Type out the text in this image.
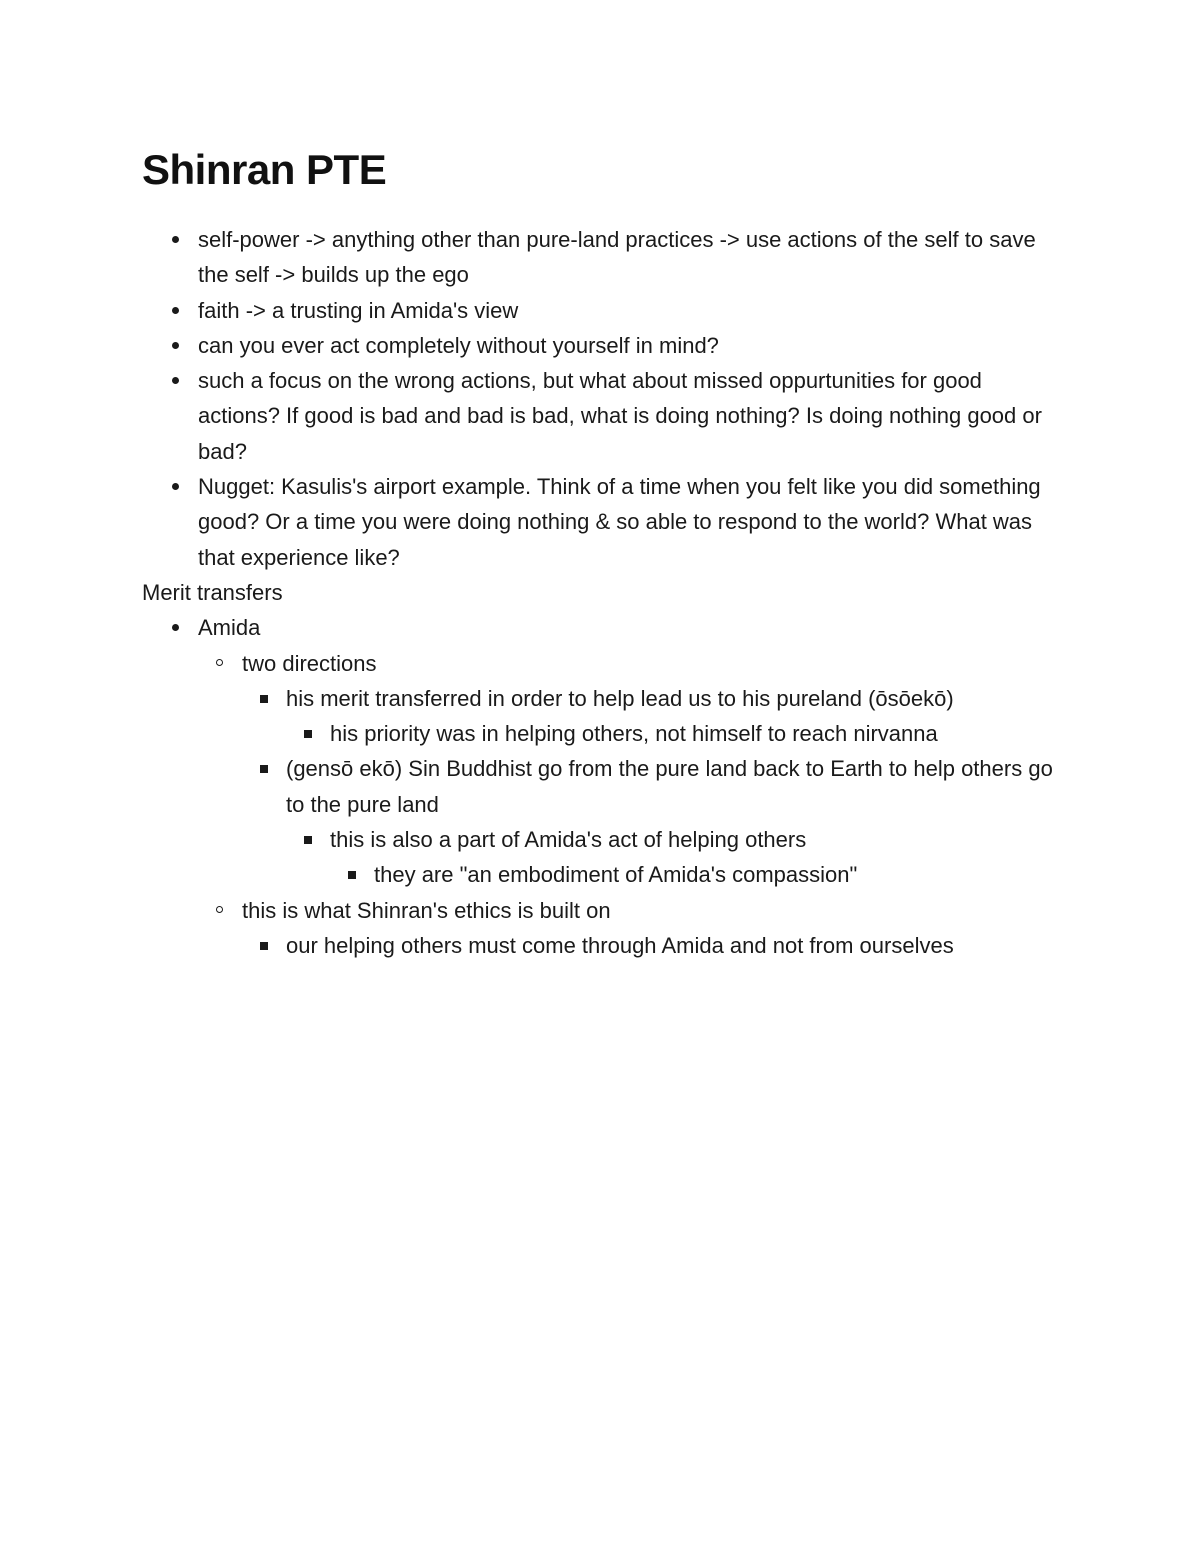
Shinran PTE
self-power -> anything other than pure-land practices -> use actions of the self to save the self -> builds up the ego
faith -> a trusting in Amida's view
can you ever act completely without yourself in mind?
such a focus on the wrong actions, but what about missed oppurtunities for good actions? If good is bad and bad is bad, what is doing nothing? Is doing nothing good or bad?
Nugget: Kasulis's airport example. Think of a time when you felt like you did something good? Or a time you were doing nothing & so able to respond to the world? What was that experience like?

Merit transfers

Amida
two directions
his merit transferred in order to help lead us to his pureland (ōsōekō)
his priority was in helping others, not himself to reach nirvanna
(gensō ekō) Sin Buddhist go from the pure land back to Earth to help others go to the pure land
this is also a part of Amida's act of helping others
they are "an embodiment of Amida's compassion"
this is what Shinran's ethics is built on
our helping others must come through Amida and not from ourselves
